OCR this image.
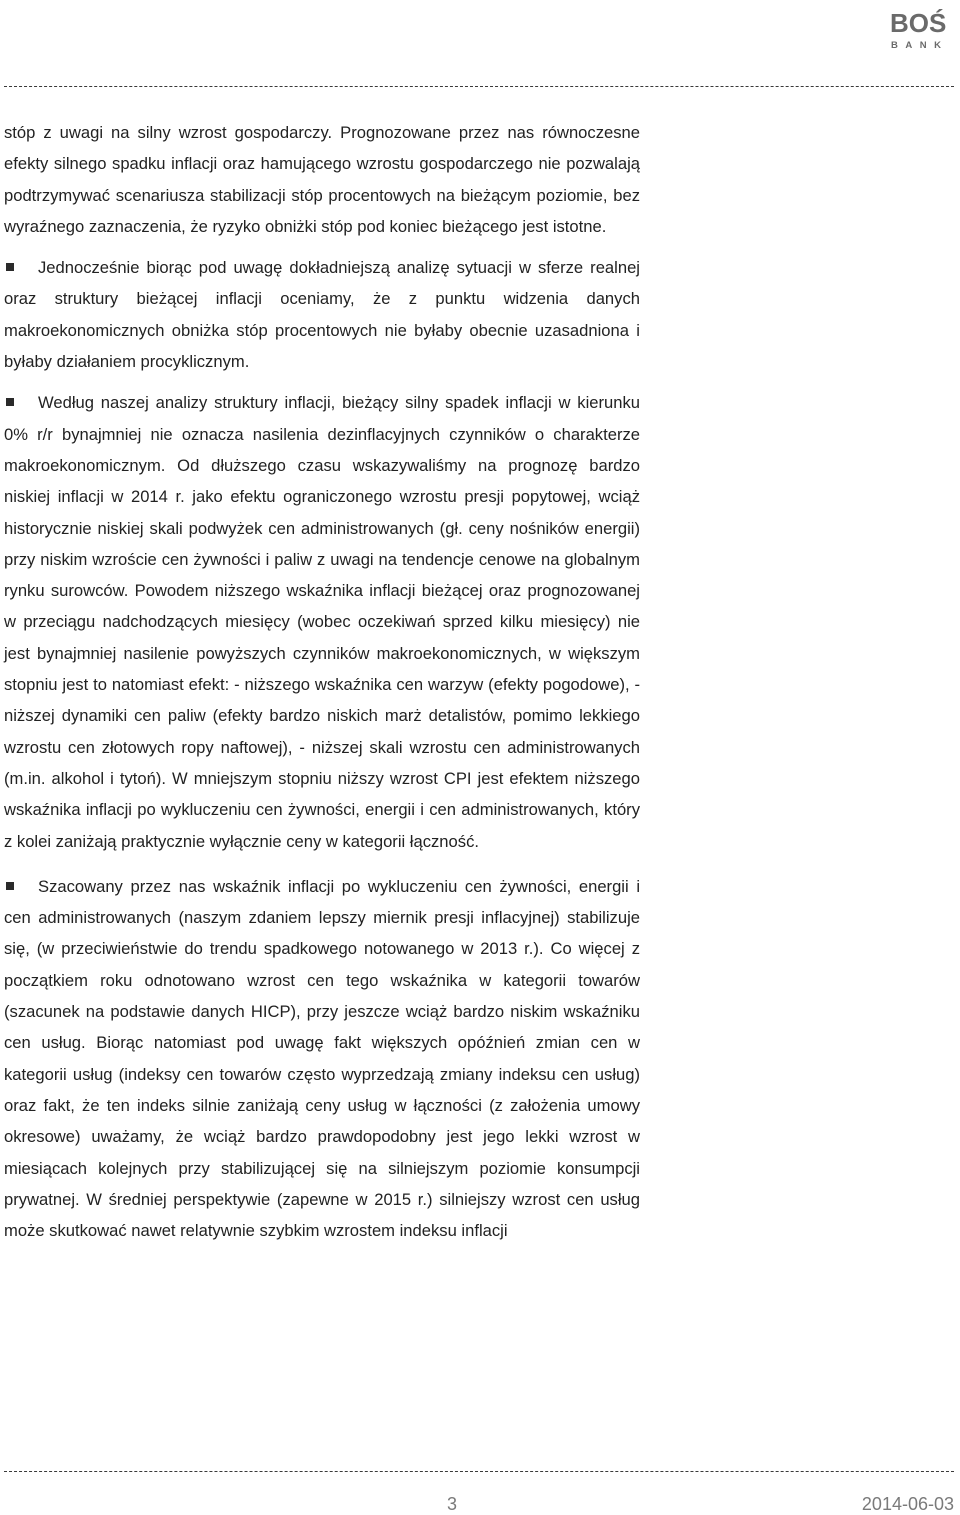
BOŚ
BANK

stóp z uwagi na silny wzrost gospodarczy. Prognozowane przez nas równoczesne efekty silnego spadku inflacji oraz hamującego wzrostu gospodarczego nie pozwalają podtrzymywać scenariusza stabilizacji stóp procentowych na bieżącym poziomie, bez wyraźnego zaznaczenia, że ryzyko obniżki stóp pod koniec bieżącego jest istotne.

Jednocześnie biorąc pod uwagę dokładniejszą analizę sytuacji w sferze realnej oraz struktury bieżącej inflacji oceniamy, że z punktu widzenia danych makroekonomicznych obniżka stóp procentowych nie byłaby obecnie uzasadniona i byłaby działaniem procyklicznym.

Według naszej analizy struktury inflacji, bieżący silny spadek inflacji w kierunku 0% r/r bynajmniej nie oznacza nasilenia dezinflacyjnych czynników o charakterze makroekonomicznym. Od dłuższego czasu wskazywaliśmy na prognozę bardzo niskiej inflacji w 2014 r. jako efektu ograniczonego wzrostu presji popytowej, wciąż historycznie niskiej skali podwyżek cen administrowanych (gł. ceny nośników energii) przy niskim wzroście cen żywności i paliw z uwagi na tendencje cenowe na globalnym rynku surowców. Powodem niższego wskaźnika inflacji bieżącej oraz prognozowanej w przeciągu nadchodzących miesięcy (wobec oczekiwań sprzed kilku miesięcy) nie jest bynajmniej nasilenie powyższych czynników makroekonomicznych, w większym stopniu jest to natomiast efekt: - niższego wskaźnika cen warzyw (efekty pogodowe), - niższej dynamiki cen paliw (efekty bardzo niskich marż detalistów, pomimo lekkiego wzrostu cen złotowych ropy naftowej), - niższej skali wzrostu cen administrowanych (m.in. alkohol i tytoń). W mniejszym stopniu niższy wzrost CPI jest efektem niższego wskaźnika inflacji po wykluczeniu cen żywności, energii i cen administrowanych, który z kolei zaniżają praktycznie wyłącznie ceny w kategorii łączność.

Szacowany przez nas wskaźnik inflacji po wykluczeniu cen żywności, energii i cen administrowanych (naszym zdaniem lepszy miernik presji inflacyjnej) stabilizuje się, (w przeciwieństwie do trendu spadkowego notowanego w 2013 r.). Co więcej z początkiem roku odnotowano wzrost cen tego wskaźnika w kategorii towarów (szacunek na podstawie danych HICP), przy jeszcze wciąż bardzo niskim wskaźniku cen usług. Biorąc natomiast pod uwagę fakt większych opóźnień zmian cen w kategorii usług (indeksy cen towarów często wyprzedzają zmiany indeksu cen usług) oraz fakt, że ten indeks silnie zaniżają ceny usług w łączności (z założenia umowy okresowe) uważamy, że wciąż bardzo prawdopodobny jest jego lekki wzrost w miesiącach kolejnych przy stabilizującej się na silniejszym poziomie konsumpcji prywatnej. W średniej perspektywie (zapewne w 2015 r.) silniejszy wzrost cen usług może skutkować nawet relatywnie szybkim wzrostem indeksu inflacji

3	2014-06-03
